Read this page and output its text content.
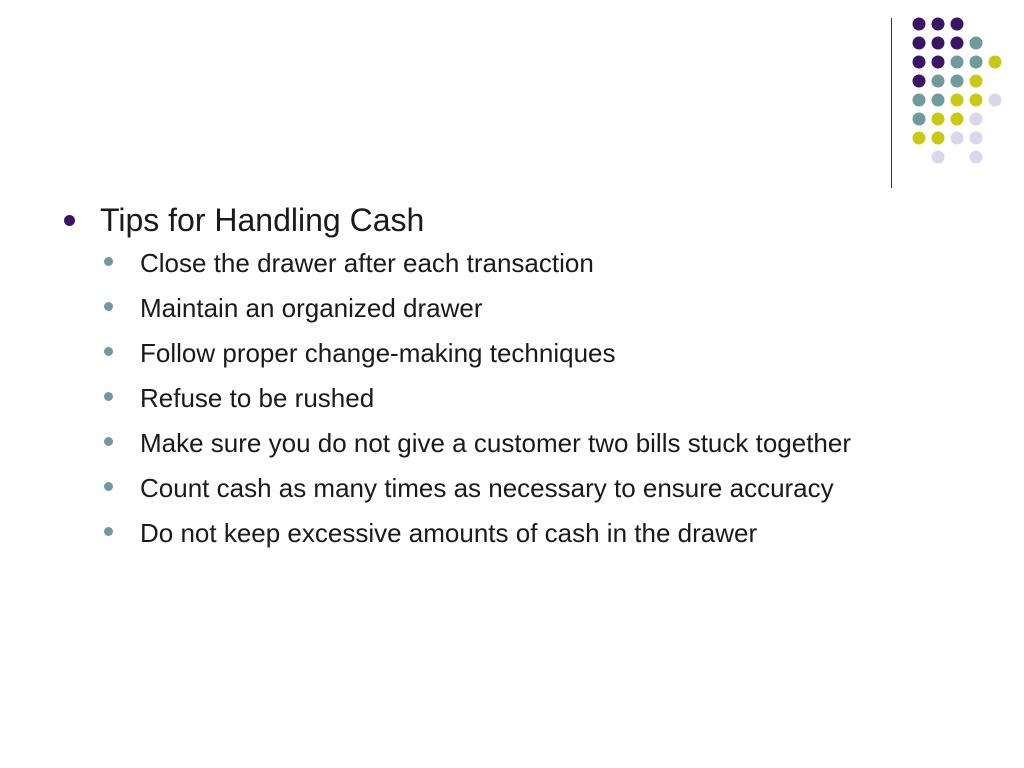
Tips for Handling Cash
Close the drawer after each transaction
Maintain an organized drawer
Follow proper change-making techniques
Refuse to be rushed
Make sure you do not give a customer two bills stuck together
Count cash as many times as necessary to ensure accuracy
Do not keep excessive amounts of cash in the drawer
